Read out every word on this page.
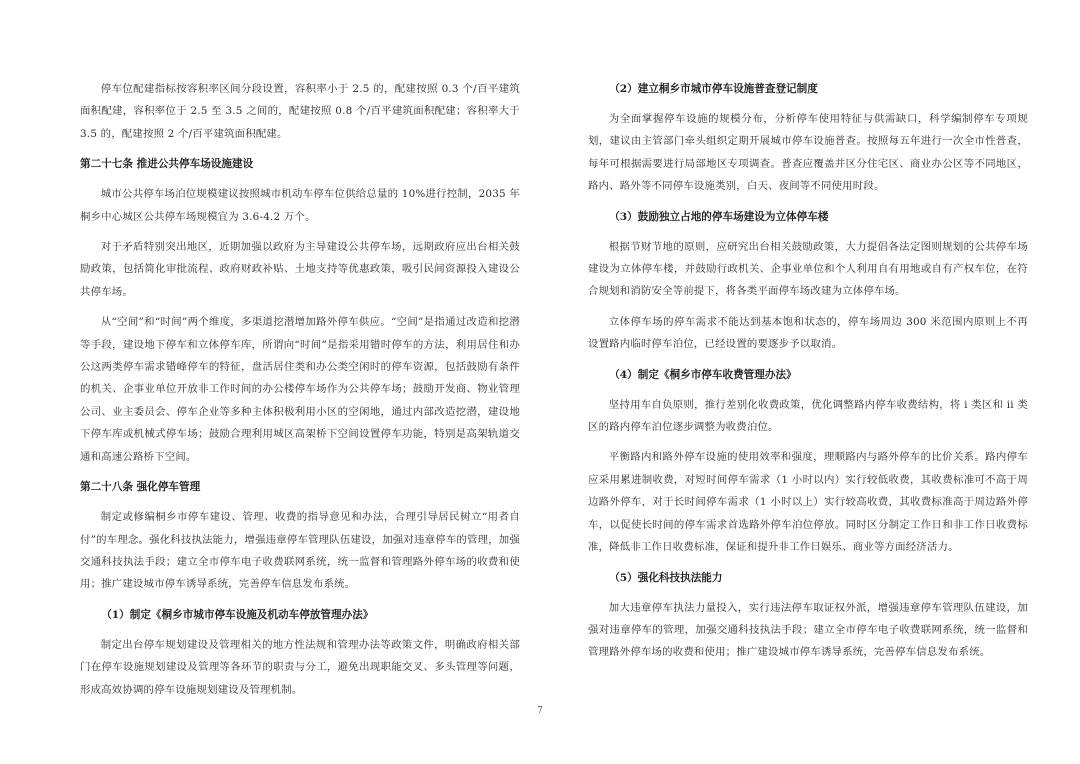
停车位配建指标按容积率区间分段设置，容积率小于 2.5 的，配建按照 0.3 个/百平建筑面积配建，容积率位于 2.5 至 3.5 之间的，配建按照 0.8 个/百平建筑面积配建；容积率大于 3.5 的，配建按照 2 个/百平建筑面积配建。

第二十七条 推进公共停车场设施建设

城市公共停车场泊位规模建议按照城市机动车停车位供给总量的 10%进行控制，2035 年桐乡中心城区公共停车场规模宜为 3.6-4.2 万个。

对于矛盾特别突出地区，近期加强以政府为主导建设公共停车场，远期政府应出台相关鼓励政策，包括简化审批流程、政府财政补贴、土地支持等优惠政策，吸引民间资源投入建设公共停车场。

从“空间”和“时间”两个维度，多渠道挖潜增加路外停车供应。“空间”是指通过改造和挖潜等手段，建设地下停车和立体停车库，所谓向“时间”是指采用错时停车的方法，利用居住和办公这两类停车需求错峰停车的特征，盘活居住类和办公类空闲时的停车资源，包括鼓励有条件的机关、企事业单位开放非工作时间的办公楼停车场作为公共停车场；鼓励开发商、物业管理公司、业主委员会、停车企业等多种主体积极利用小区的空闲地，通过内部改造挖潜，建设地下停车库或机械式停车场；鼓励合理利用城区高架桥下空间设置停车功能，特别是高架轨道交通和高速公路桥下空间。

第二十八条 强化停车管理

制定或修编桐乡市停车建设、管理、收费的指导意见和办法，合理引导居民树立“用者自付”的车理念。强化科技执法能力，增强违章停车管理队伍建设，加强对违章停车的管理，加强交通科技执法手段；建立全市停车电子收费联网系统，统一监督和管理路外停车场的收费和使用；推广建设城市停车诱导系统，完善停车信息发布系统。

（1）制定《桐乡市城市停车设施及机动车停放管理办法》

制定出台停车规划建设及管理相关的地方性法规和管理办法等政策文件，明确政府相关部门在停车设施规划建设及管理等各环节的职责与分工，避免出现职能交叉、多头管理等问题，形成高效协调的停车设施规划建设及管理机制。

（2）建立桐乡市城市停车设施普查登记制度

为全面掌握停车设施的规模分布，分析停车使用特征与供需缺口，科学编制停车专项规划，建议由主管部门牵头组织定期开展城市停车设施普查。按照每五年进行一次全市性普查，每年可根据需要进行局部地区专项调查。普查应覆盖并区分住宅区、商业办公区等不同地区，路内、路外等不同停车设施类别，白天、夜间等不同使用时段。

（3）鼓励独立占地的停车场建设为立体停车楼

根据节财节地的原则，应研究出台相关鼓励政策，大力提倡各法定图则规划的公共停车场建设为立体停车楼，并鼓励行政机关、企事业单位和个人利用自有用地或自有产权车位，在符合规划和消防安全等前提下，将各类平面停车场改建为立体停车场。

立体停车场的停车需求不能达到基本饱和状态的，停车场周边 300 米范围内原则上不再设置路内临时停车泊位，已经设置的要逐步予以取消。

（4）制定《桐乡市停车收费管理办法》

坚持用车自负原则，推行差别化收费政策，优化调整路内停车收费结构，将 i 类区和 ii 类区的路内停车泊位逐步调整为收费泊位。

平衡路内和路外停车设施的使用效率和强度，理顺路内与路外停车的比价关系。路内停车应采用累进制收费，对短时间停车需求（1 小时以内）实行较低收费，其收费标准可不高于周边路外停车，对于长时间停车需求（1 小时以上）实行较高收费，其收费标准高于周边路外停车，以促使长时间的停车需求首选路外停车泊位停放。同时区分制定工作日和非工作日收费标准，降低非工作日收费标准，保证和提升非工作日娱乐、商业等方面经济活力。

（5）强化科技执法能力

加大违章停车执法力量投入，实行违法停车取证权外派，增强违章停车管理队伍建设，加强对违章停车的管理，加强交通科技执法手段；建立全市停车电子收费联网系统，统一监督和管理路外停车场的收费和使用；推广建设城市停车诱导系统，完善停车信息发布系统。

7
